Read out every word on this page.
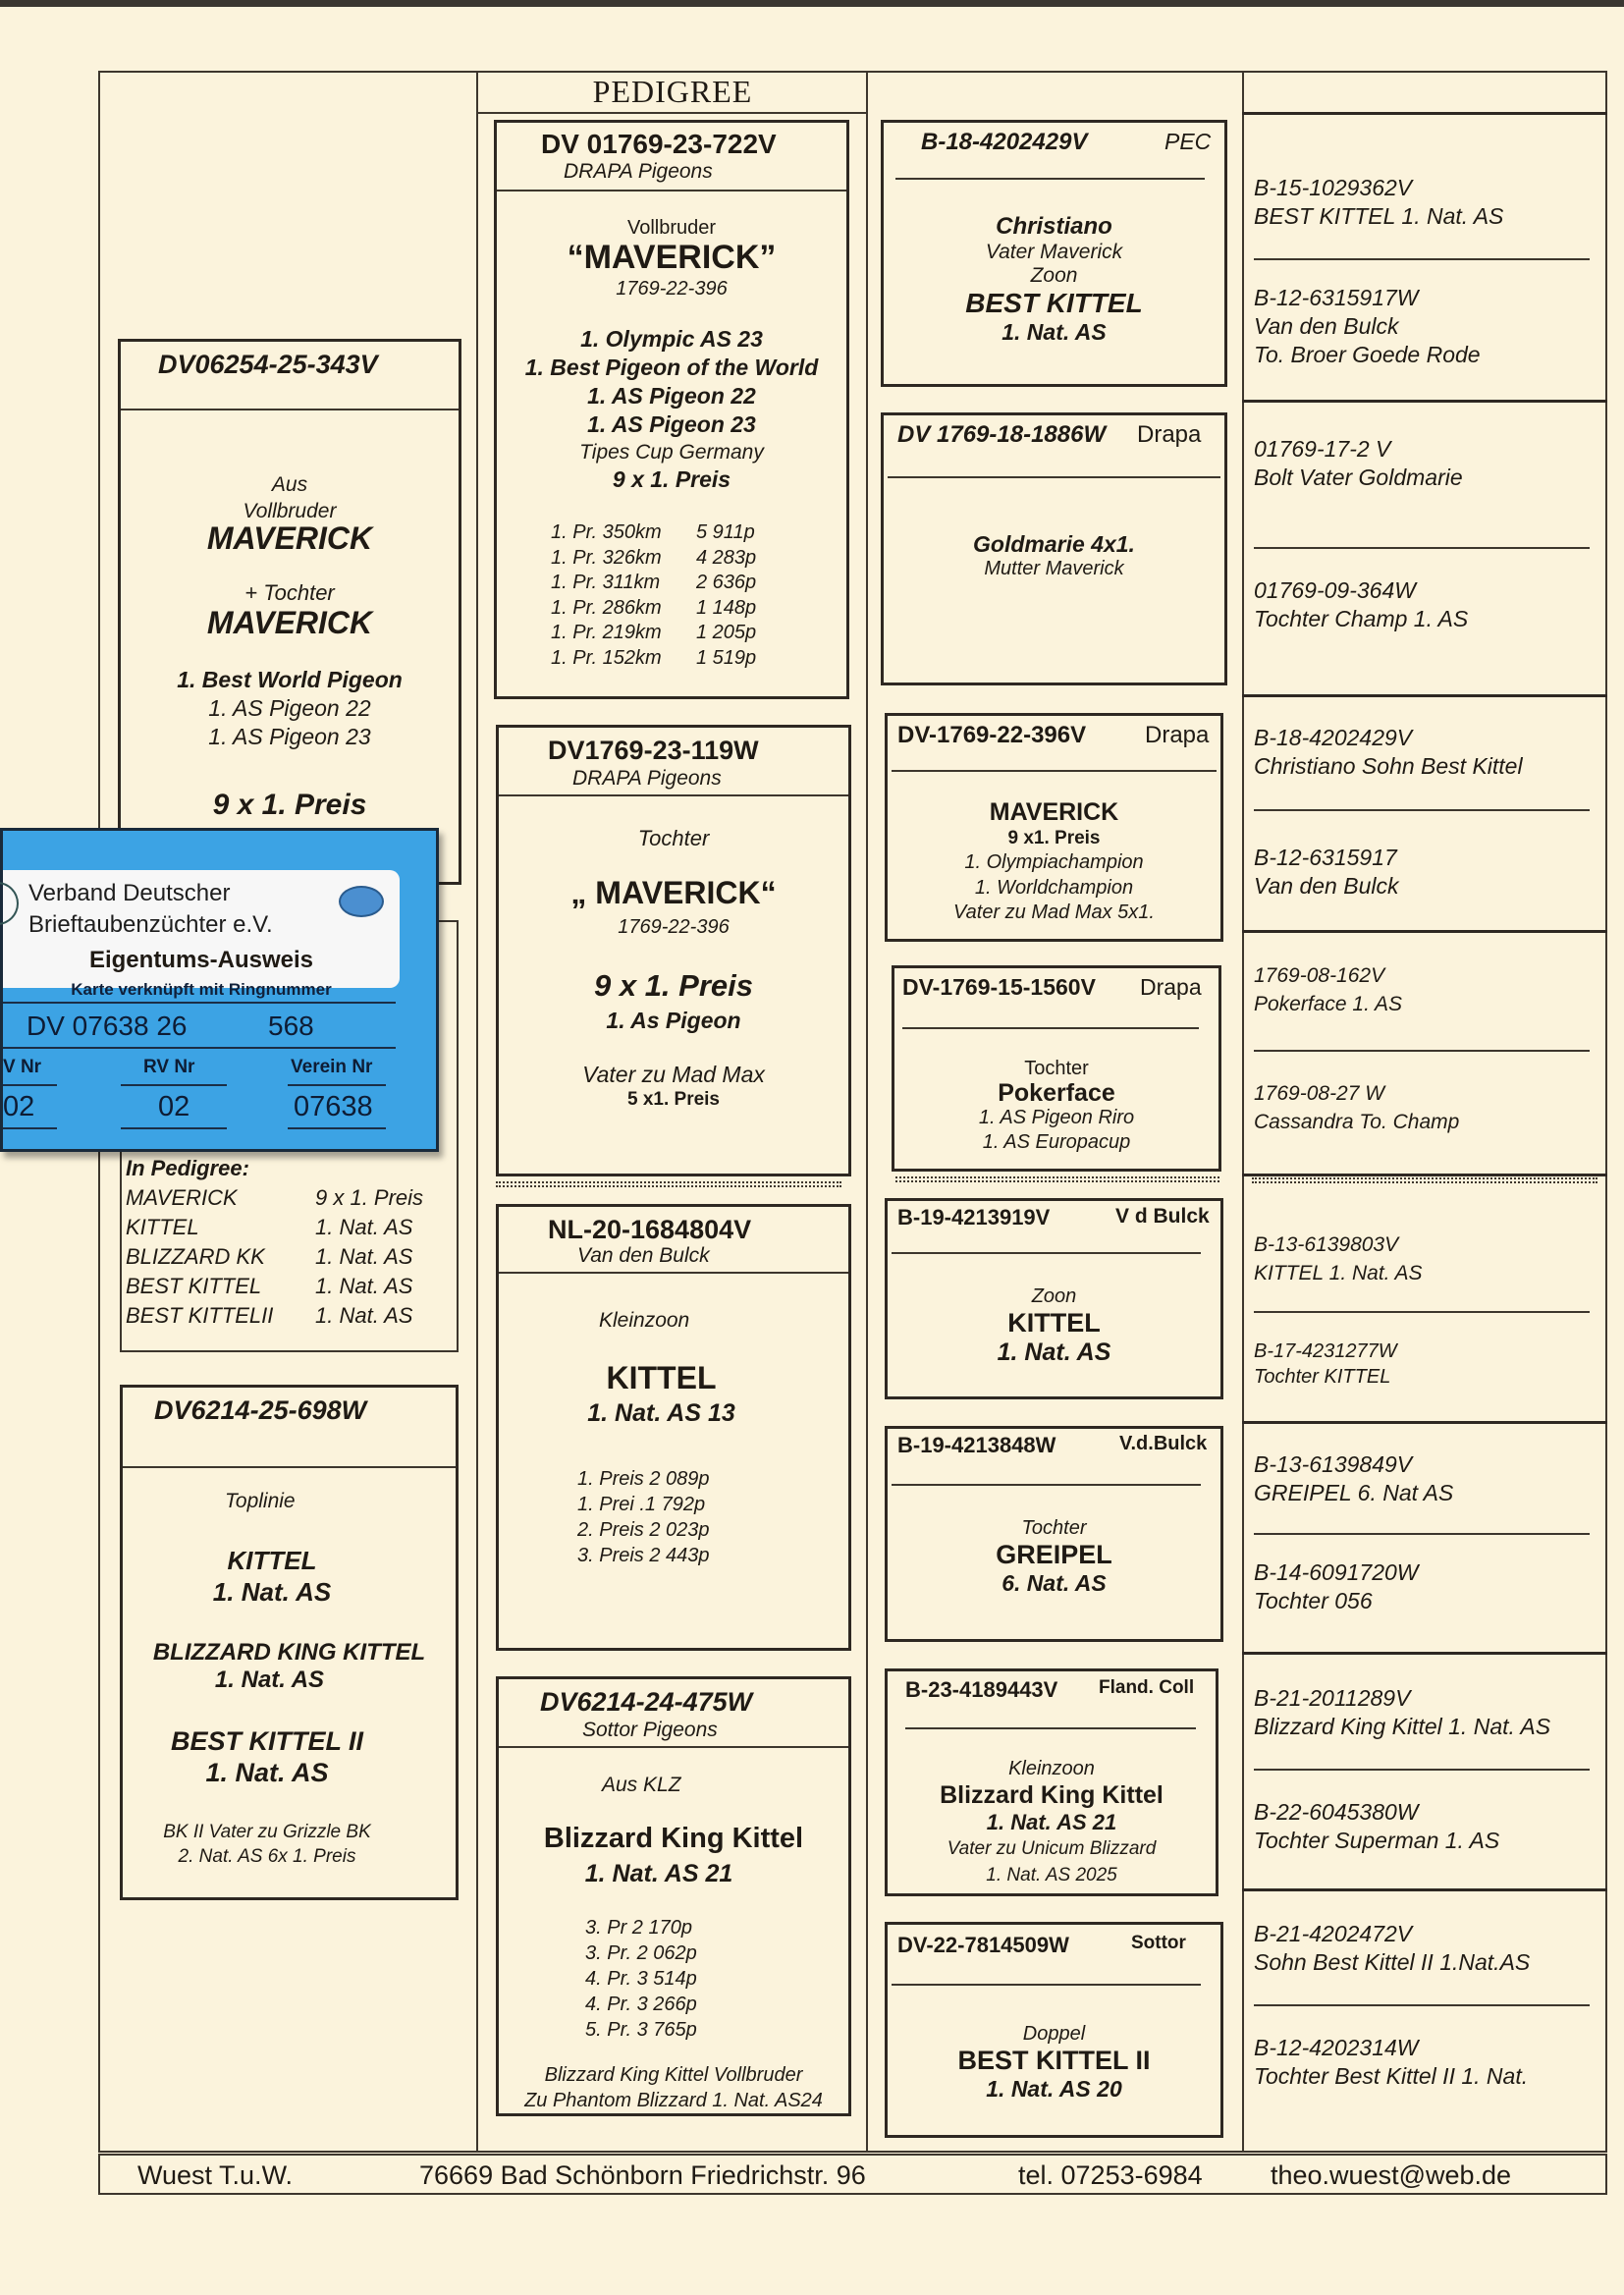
PEDIGREE
DV06254-25-343V
Aus
Vollbruder
MAVERICK
+ Tochter
MAVERICK
1. Best World Pigeon
1. AS Pigeon 22
1. AS Pigeon 23
9 x 1. Preis
In Pedigree:
MAVERICK	9 x 1. Preis
KITTEL	1. Nat. AS
BLIZZARD KK	1. Nat. AS
BEST KITTEL	1. Nat. AS
BEST KITTELII	1. Nat. AS
DV6214-25-698W
Toplinie
KITTEL
1. Nat. AS
BLIZZARD KING KITTEL
1. Nat. AS
BEST KITTEL II
1. Nat. AS
BK II Vater zu Grizzle BK
2. Nat. AS 6x 1. Preis
Verband Deutscher
Brieftaubenzüchter e.V.
Eigentums-Ausweis
Karte verknüpft mit Ringnummer
DV 07638 26	568
V Nr	RV Nr	Verein Nr
02	02	07638
DV 01769-23-722V
DRAPA Pigeons
Vollbruder
“MAVERICK”
1769-22-396
1. Olympic AS 23
1. Best Pigeon of the World
1. AS Pigeon 22
1. AS Pigeon 23
Tipes Cup Germany
9 x 1. Preis
1. Pr. 350km	5 911p
1. Pr. 326km	4 283p
1. Pr. 311km	2 636p
1. Pr. 286km	1 148p
1. Pr. 219km	1 205p
1. Pr. 152km	1 519p
DV1769-23-119W
DRAPA Pigeons
Tochter
„ MAVERICK“
1769-22-396
9 x 1. Preis
1. As Pigeon
Vater zu Mad Max
5 x1. Preis
NL-20-1684804V
Van den Bulck
Kleinzoon
KITTEL
1. Nat. AS 13
1. Preis 2 089p
1. Prei .1 792p
2. Preis 2 023p
3. Preis 2 443p
DV6214-24-475W
Sottor Pigeons
Aus KLZ
Blizzard King Kittel
1. Nat. AS 21
3. Pr 2 170p
3. Pr. 2 062p
4. Pr. 3 514p
4. Pr. 3 266p
5. Pr. 3 765p
Blizzard King Kittel Vollbruder
Zu Phantom Blizzard 1. Nat. AS24
B-18-4202429V	PEC
Christiano
Vater Maverick
Zoon
BEST KITTEL
1. Nat. AS
DV 1769-18-1886W Drapa
Goldmarie 4x1.
Mutter Maverick
DV-1769-22-396V Drapa
MAVERICK
9 x1. Preis
1. Olympiachampion
1. Worldchampion
Vater zu Mad Max 5x1.
DV-1769-15-1560V Drapa
Tochter
Pokerface
1. AS Pigeon Riro
1. AS Europacup
B-19-4213919V	V d Bulck
Zoon
KITTEL
1. Nat. AS
B-19-4213848W	V.d.Bulck
Tochter
GREIPEL
6. Nat. AS
B-23-4189443V Fland. Coll
Kleinzoon
Blizzard King Kittel
1. Nat. AS 21
Vater zu Unicum Blizzard
1. Nat. AS 2025
DV-22-7814509W	Sottor
Doppel
BEST KITTEL II
1. Nat. AS 20
B-15-1029362V
BEST KITTEL 1. Nat. AS
B-12-6315917W
Van den Bulck
To. Broer Goede Rode
01769-17-2 V
Bolt Vater Goldmarie
01769-09-364W
Tochter Champ 1. AS
B-18-4202429V
Christiano Sohn Best Kittel
B-12-6315917
Van den Bulck
1769-08-162V
Pokerface 1. AS
1769-08-27 W
Cassandra To. Champ
B-13-6139803V
KITTEL 1. Nat. AS
B-17-4231277W
Tochter KITTEL
B-13-6139849V
GREIPEL 6. Nat AS
B-14-6091720W
Tochter 056
B-21-2011289V
Blizzard King Kittel 1. Nat. AS
B-22-6045380W
Tochter Superman 1. AS
B-21-4202472V
Sohn Best Kittel II 1.Nat.AS
B-12-4202314W
Tochter Best Kittel II 1. Nat.
Wuest T.u.W.	76669 Bad Schönborn Friedrichstr. 96	tel. 07253-6984	theo.wuest@web.de
